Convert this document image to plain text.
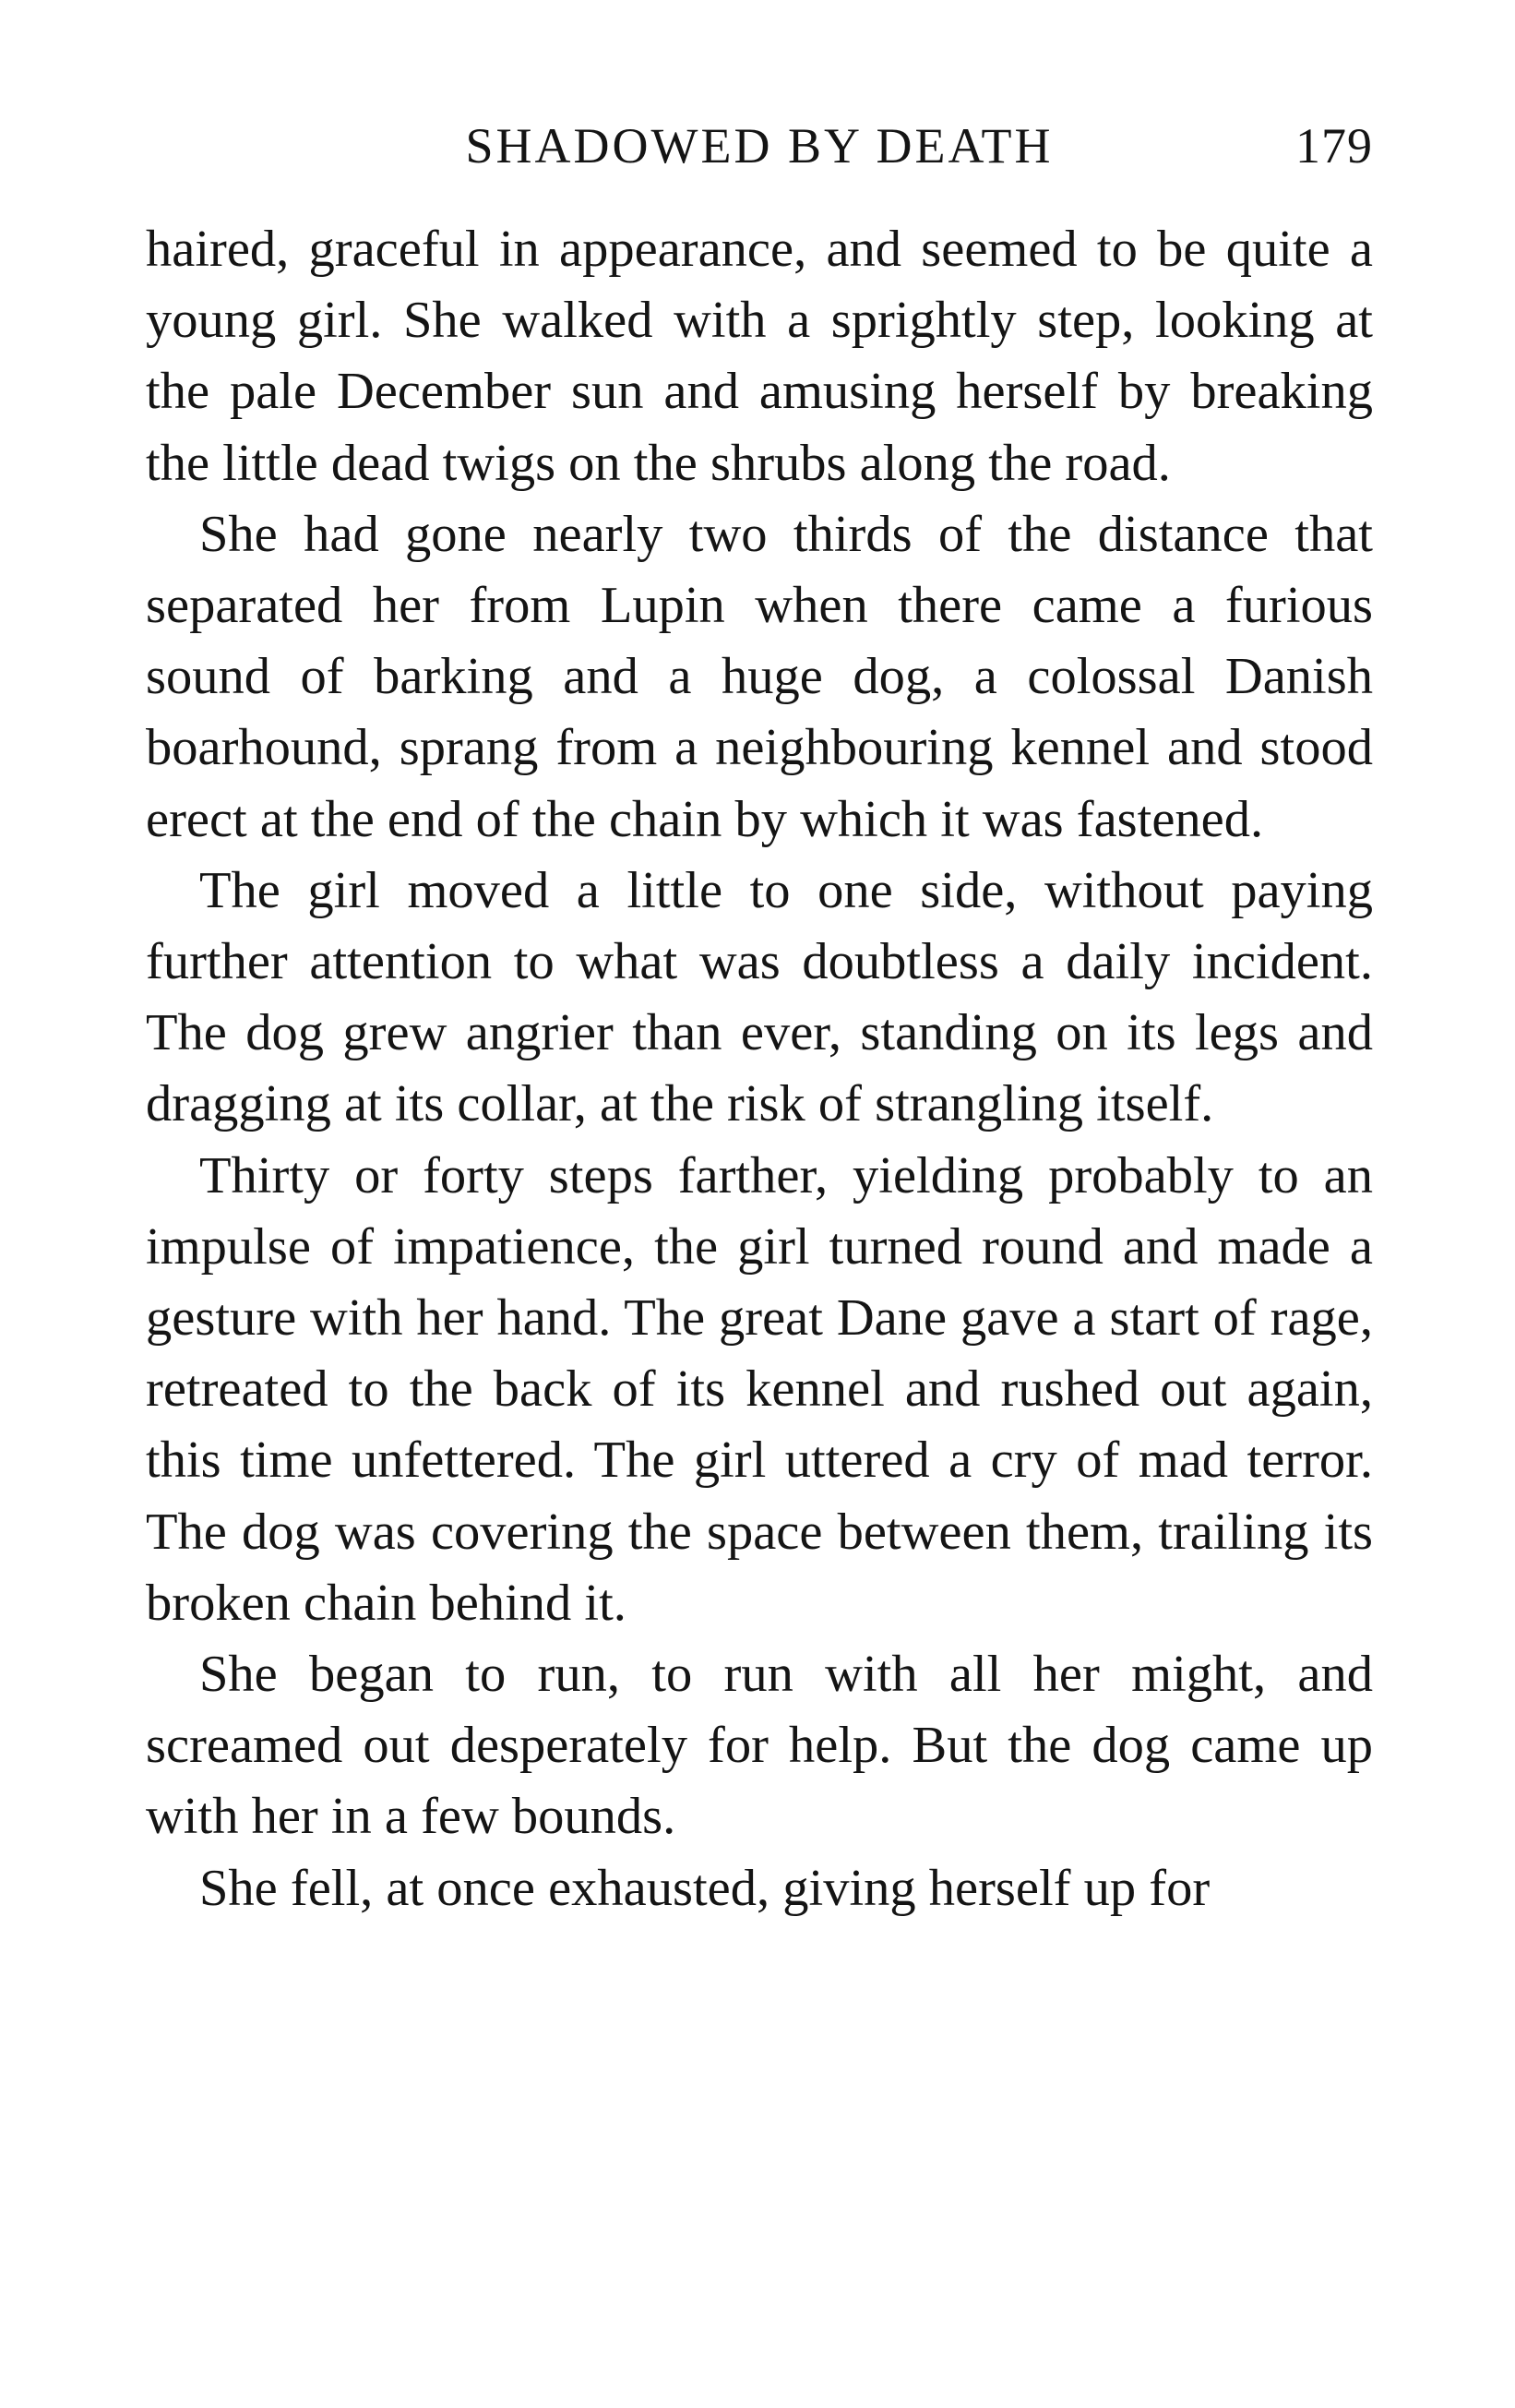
SHADOWED BY DEATH	179

haired, graceful in appearance, and seemed to be quite a young girl. She walked with a sprightly step, looking at the pale December sun and amusing herself by breaking the little dead twigs on the shrubs along the road.

She had gone nearly two thirds of the distance that separated her from Lupin when there came a furious sound of barking and a huge dog, a colossal Danish boarhound, sprang from a neighbouring kennel and stood erect at the end of the chain by which it was fastened.

The girl moved a little to one side, without paying further attention to what was doubtless a daily incident. The dog grew angrier than ever, standing on its legs and dragging at its collar, at the risk of strangling itself.

Thirty or forty steps farther, yielding probably to an impulse of impatience, the girl turned round and made a gesture with her hand. The great Dane gave a start of rage, retreated to the back of its kennel and rushed out again, this time unfettered. The girl uttered a cry of mad terror. The dog was covering the space between them, trailing its broken chain behind it.

She began to run, to run with all her might, and screamed out desperately for help. But the dog came up with her in a few bounds.

She fell, at once exhausted, giving herself up for
